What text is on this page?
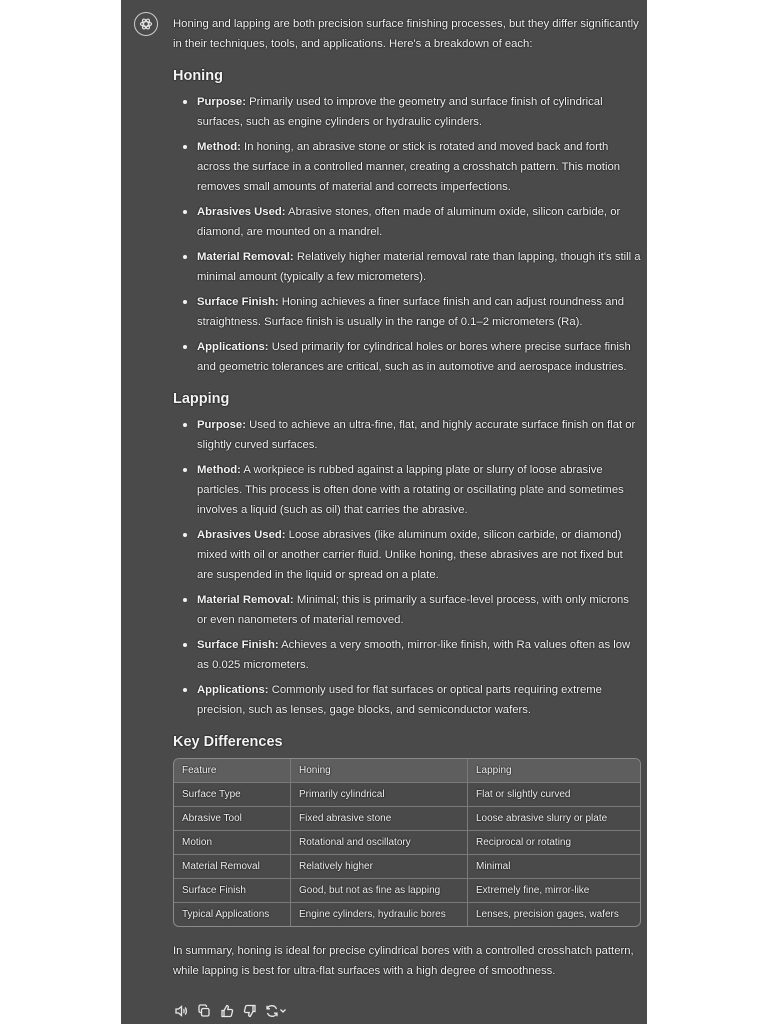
Honing and lapping are both precision surface finishing processes, but they differ significantly in their techniques, tools, and applications. Here's a breakdown of each:

Honing
Purpose: Primarily used to improve the geometry and surface finish of cylindrical surfaces, such as engine cylinders or hydraulic cylinders.
Method: In honing, an abrasive stone or stick is rotated and moved back and forth across the surface in a controlled manner, creating a crosshatch pattern. This motion removes small amounts of material and corrects imperfections.
Abrasives Used: Abrasive stones, often made of aluminum oxide, silicon carbide, or diamond, are mounted on a mandrel.
Material Removal: Relatively higher material removal rate than lapping, though it's still a minimal amount (typically a few micrometers).
Surface Finish: Honing achieves a finer surface finish and can adjust roundness and straightness. Surface finish is usually in the range of 0.1–2 micrometers (Ra).
Applications: Used primarily for cylindrical holes or bores where precise surface finish and geometric tolerances are critical, such as in automotive and aerospace industries.
Lapping
Purpose: Used to achieve an ultra-fine, flat, and highly accurate surface finish on flat or slightly curved surfaces.
Method: A workpiece is rubbed against a lapping plate or slurry of loose abrasive particles. This process is often done with a rotating or oscillating plate and sometimes involves a liquid (such as oil) that carries the abrasive.
Abrasives Used: Loose abrasives (like aluminum oxide, silicon carbide, or diamond) mixed with oil or another carrier fluid. Unlike honing, these abrasives are not fixed but are suspended in the liquid or spread on a plate.
Material Removal: Minimal; this is primarily a surface-level process, with only microns or even nanometers of material removed.
Surface Finish: Achieves a very smooth, mirror-like finish, with Ra values often as low as 0.025 micrometers.
Applications: Commonly used for flat surfaces or optical parts requiring extreme precision, such as lenses, gage blocks, and semiconductor wafers.
Key Differences
Feature	Honing	Lapping
Surface Type	Primarily cylindrical	Flat or slightly curved
Abrasive Tool	Fixed abrasive stone	Loose abrasive slurry or plate
Motion	Rotational and oscillatory	Reciprocal or rotating
Material Removal	Relatively higher	Minimal
Surface Finish	Good, but not as fine as lapping	Extremely fine, mirror-like
Typical Applications	Engine cylinders, hydraulic bores	Lenses, precision gages, wafers

In summary, honing is ideal for precise cylindrical bores with a controlled crosshatch pattern, while lapping is best for ultra-flat surfaces with a high degree of smoothness.
